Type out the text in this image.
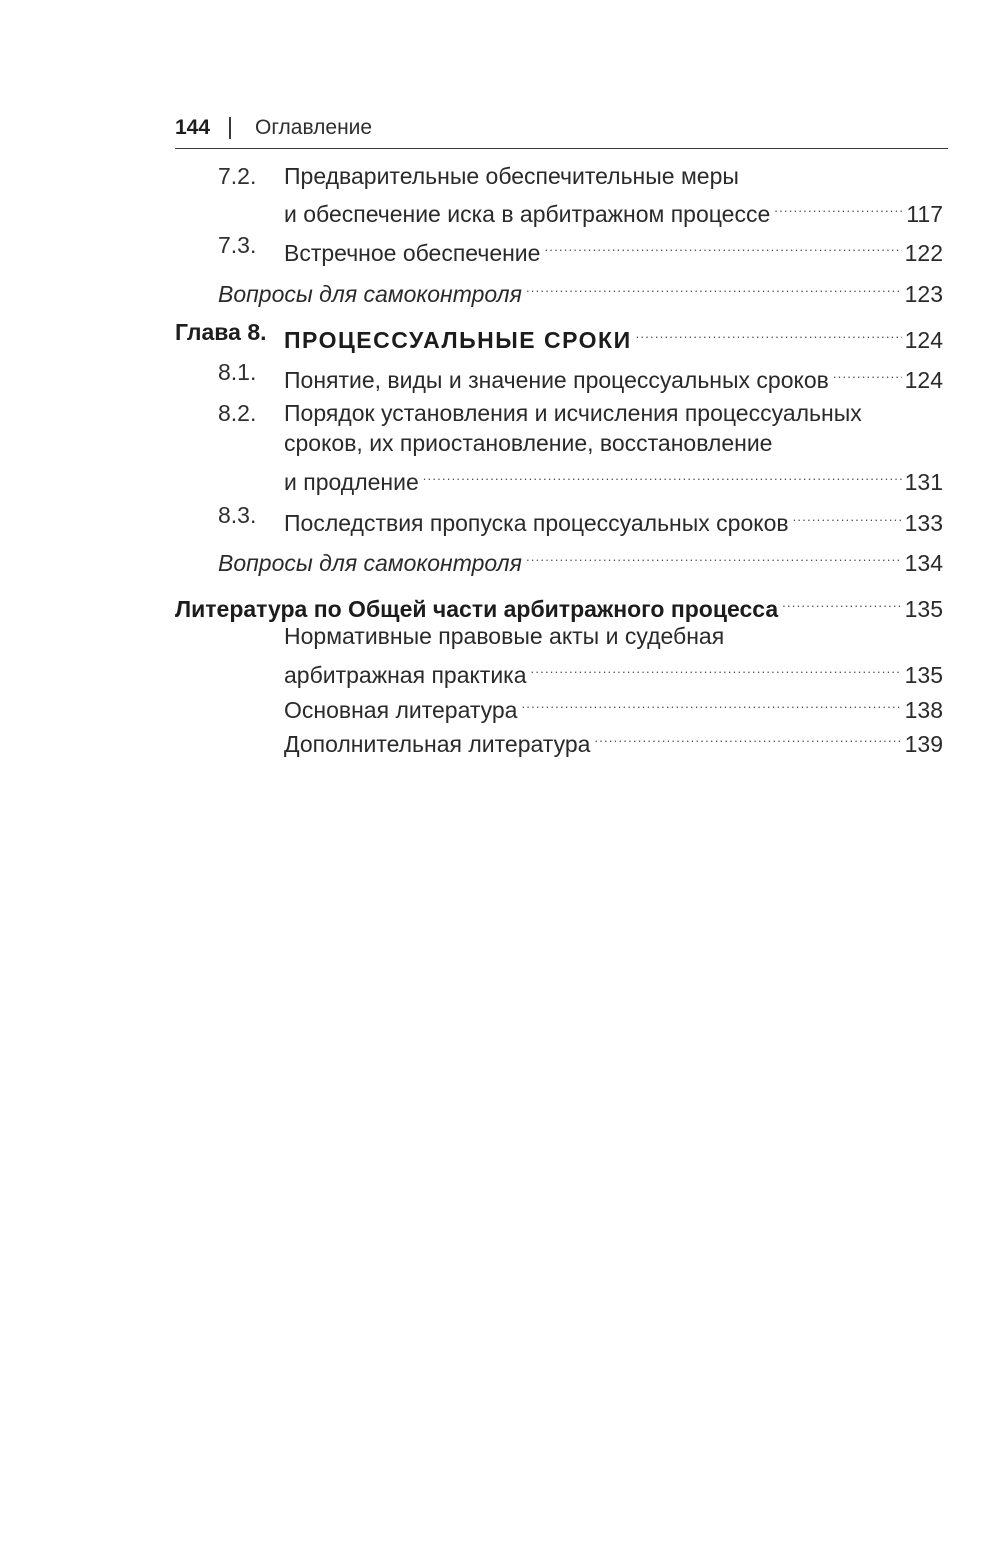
144 Оглавление
7.2. Предварительные обеспечительные меры
и обеспечение иска в арбитражном процессе .....	117
7.3. Встречное обеспечение .....	122
Вопросы для самоконтроля .....	123
Глава 8. ПРОЦЕССУАЛЬНЫЕ СРОКИ .....	124
8.1. Понятие, виды и значение процессуальных сроков .....	124
8.2. Порядок установления и исчисления процессуальных
сроков, их приостановление, восстановление
и продление .....	131
8.3. Последствия пропуска процессуальных сроков .....	133
Вопросы для самоконтроля .....	134
Литература по Общей части арбитражного процесса .....	135
Нормативные правовые акты и судебная
арбитражная практика .....	135
Основная литература .....	138
Дополнительная литература .....	139
